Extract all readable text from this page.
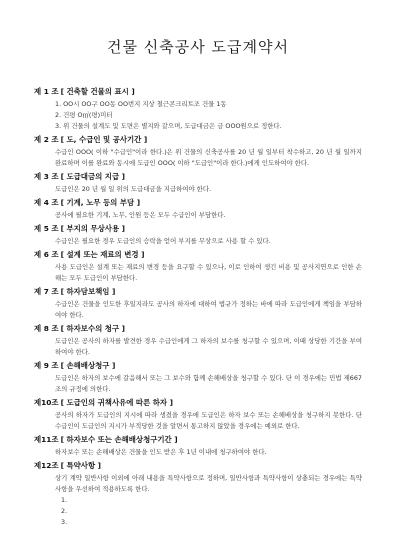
건물 신축공사 도급계약서
제 1 조 [ 건축할 건물의 표시 ]
1. OO시 OO구 OO동 OO번지 지상 철근콘크리트조 건물 1동
2. 건평 O㎡(평)미터
3. 위 건물의 설계도 및 도면은 별지와 같으며, 도급대금은 금 OOO원으로 정한다.
제 2 조 [ 도, 수급인 및 공사기간 ]
수급인 OOO( 이하 "수급인"이라 한다.)은 위 건물의 신축공사를 20 년 월 일부터 착수하고, 20 년 월 일까지 완료하며 이를 완료와 동시에 도급인 OOO( 이하 "도급인"이라 한다.)에게 인도하여야 한다.
제 3 조 [ 도급대금의 지급 ]
도급인은 20 년 월 일 위의 도급대금을 지급하여야 한다.
제 4 조 [ 기계, 노무 등의 부담 ]
공사에 필요한 기계, 노무, 인원 등은 모두 수급인이 부담한다.
제 5 조 [ 부지의 무상사용 ]
수급인은 필요한 경우 도급인의 승락을 얻어 부지를 무상으로 사용 할 수 있다.
제 6 조 [ 설계 또는 재료의 변경 ]
사용 도급인은 설계 또는 재료의 변경 등을 요구할 수 있으나, 이로 인하여 생긴 비용 및 공사지연으로 인한 손해는 모두 도급인이 부담한다.
제 7 조 [ 하자담보책임 ]
수급인은 건물을 인도한 후일지라도 공사의 하자에 대하여 법규가 정하는 바에 따라 도급인에게 책임을 부담하여야 한다.
제 8 조 [ 하자보수의 청구 ]
도급인은 공사의 하자를 발견한 경우 수급인에게 그 하자의 보수를 청구할 수 있으며, 이때 상당한 기간을 부여하여야 한다.
제 9 조 [ 손해배상청구 ]
도급인은 하자의 보수에 갈음해서 또는 그 보수와 함께 손해배상을 청구할 수 있다. 단 이 경우에는 민법 제667조의 규정에 의한다.
제10조 [ 도급인의 귀책사유에 따른 하자 ]
공사의 하자가 도급인의 지시에 따라 생겼을 경우에 도급인은 하자 보수 또는 손해배상을 청구하지 못한다. 단 수급인이 도급인의 지시가 부적당한 것을 알면서 통고하지 않았을 경우에는 예외로 한다.
제11조 [ 하자보수 또는 손해배상청구기간 ]
하자보수 또는 손해배상은 건물을 인도 받은 후 1년 이내에 청구하여야 한다.
제12조 [ 특약사항 ]
상기 계약 일반사항 이외에 아래 내용을 특약사항으로 정하며, 일반사항과 특약사항이 상충되는 경우에는 특약사항을 우선하여 적용하도록 한다.
1.
2.
3.
